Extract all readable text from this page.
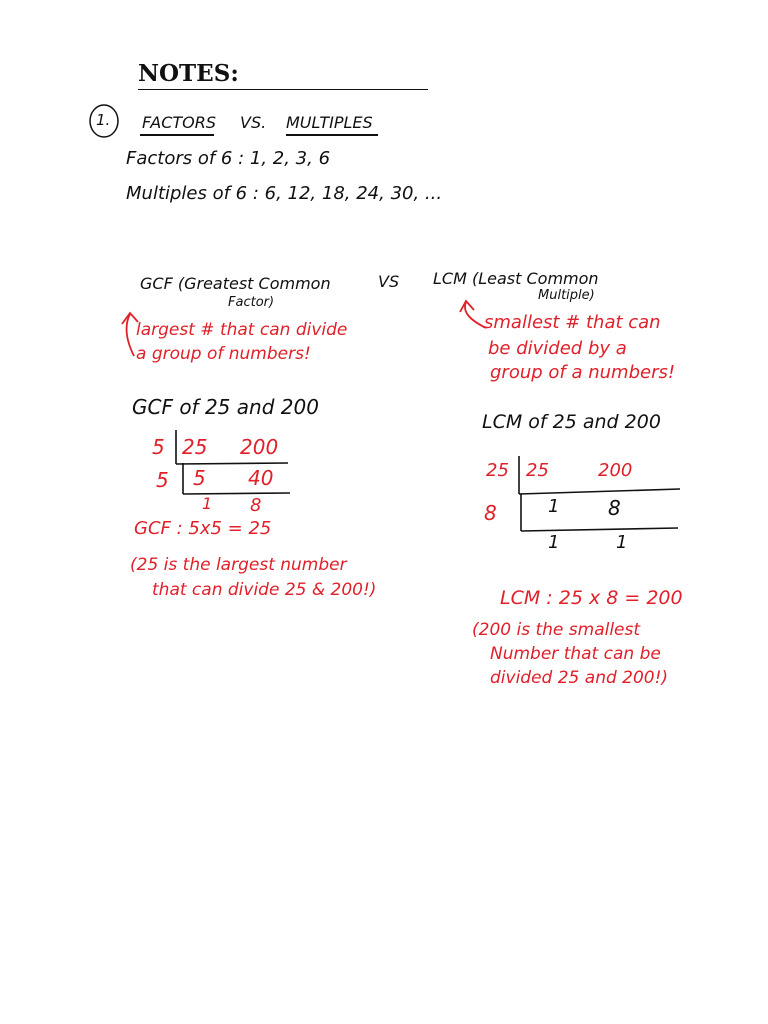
NOTES:
1. FACTORS VS. MULTIPLES
Factors of 6 : 1, 2, 3, 6
Multiples of 6 : 6, 12, 18, 24, 30, ...
GCF (Greatest Common
Factor)
VS LCM (Least Common
Multiple)
largest # that can divide
a group of numbers!
smallest # that can
be divided by a
group of a numbers!
GCF of 25 and 200
5 25 200
5 5 40
1 8
GCF : 5x5 = 25
(25 is the largest number
that can divide 25 & 200!)
LCM of 25 and 200
25 25	200
8	1 8
1	1
LCM : 25 x 8 = 200
(200 is the smallest
Number that can be
divided 25 and 200!)
